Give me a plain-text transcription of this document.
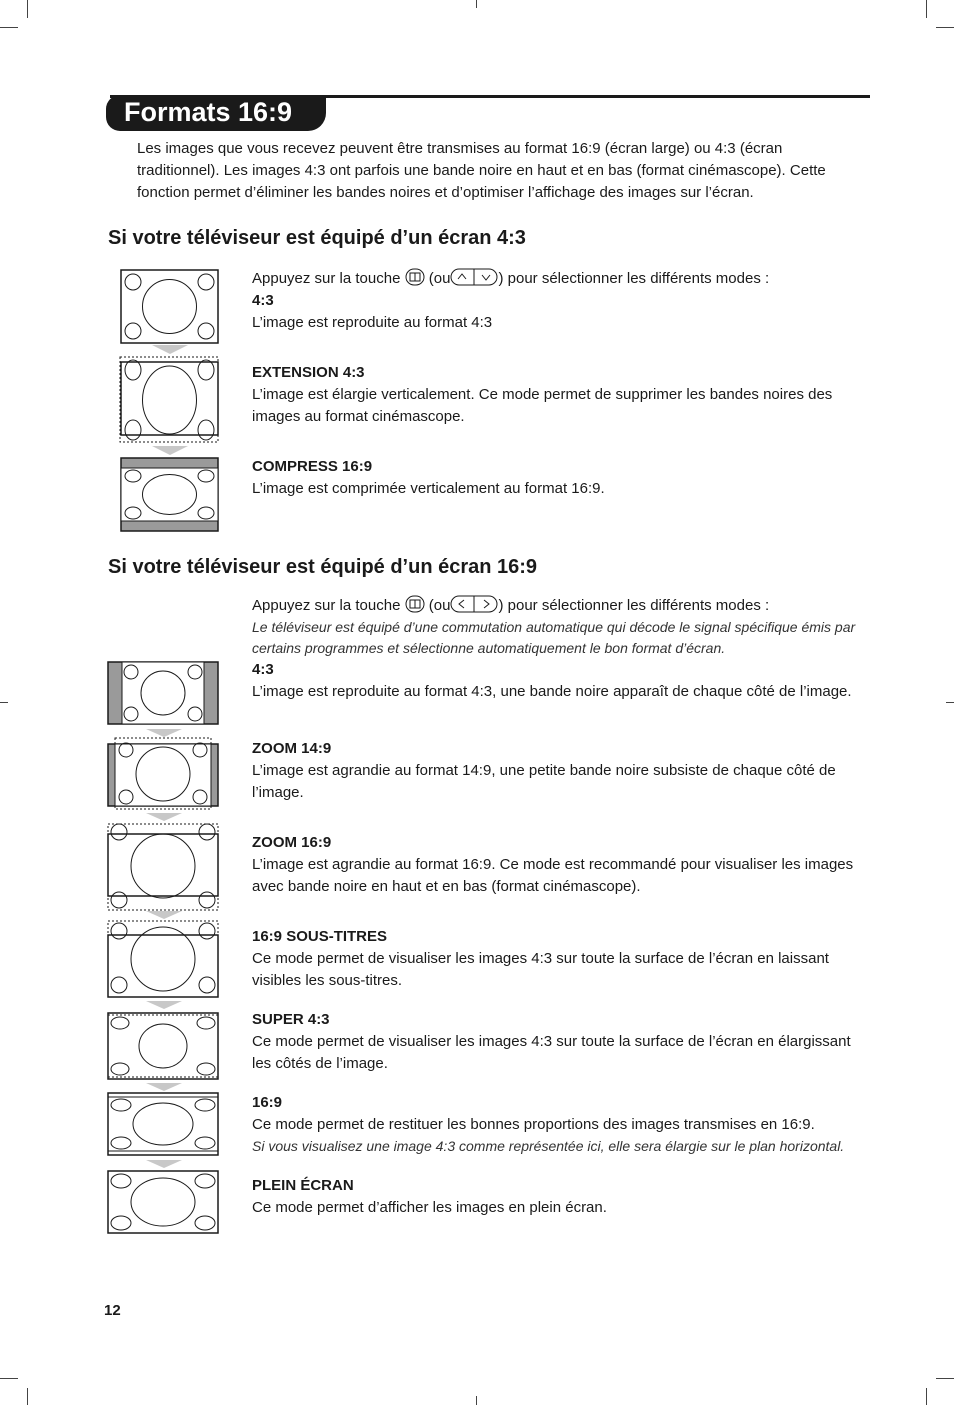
Formats 16:9
Les images que vous recevez peuvent être transmises au format 16:9 (écran large) ou 4:3 (écran traditionnel). Les images 4:3 ont parfois une bande noire en haut et en bas (format cinémascope). Cette fonction permet d’éliminer les bandes noires et d’optimiser l’affichage des images sur l’écran.
Si votre téléviseur est équipé d’un écran 4:3

Appuyez sur la touche (ou	) pour sélectionner les différents modes :

4:3

L’image est reproduite au format 4:3

EXTENSION 4:3

L’image est élargie verticalement. Ce mode permet de supprimer les bandes noires des images au format cinémascope.

COMPRESS 16:9

L’image est comprimée verticalement au format 16:9.

Si votre téléviseur est équipé d’un écran 16:9

Appuyez sur la touche (ou	) pour sélectionner les différents modes :

Le téléviseur est équipé d’une commutation automatique qui décode le signal spécifique émis par certains programmes et sélectionne automatiquement le bon format d’écran.

4:3

L’image est reproduite au format 4:3, une bande noire apparaît de chaque côté de l’image.

ZOOM 14:9

L’image est agrandie au format 14:9, une petite bande noire subsiste de chaque côté de l’image.

ZOOM 16:9

L’image est agrandie au format 16:9. Ce mode est recommandé pour visualiser les images avec bande noire en haut et en bas (format cinémascope).

16:9 SOUS-TITRES

Ce mode permet de visualiser les images 4:3 sur toute la surface de l’écran en laissant visibles les sous-titres.

SUPER 4:3

Ce mode permet de visualiser les images 4:3 sur toute la surface de l’écran en élargissant les côtés de l’image.

16:9

Ce mode permet de restituer les bonnes proportions des images transmises en 16:9.

Si vous visualisez une image 4:3 comme représentée ici, elle sera élargie sur le plan horizontal.

PLEIN ÉCRAN

Ce mode permet d’afficher les images en plein écran.

12
